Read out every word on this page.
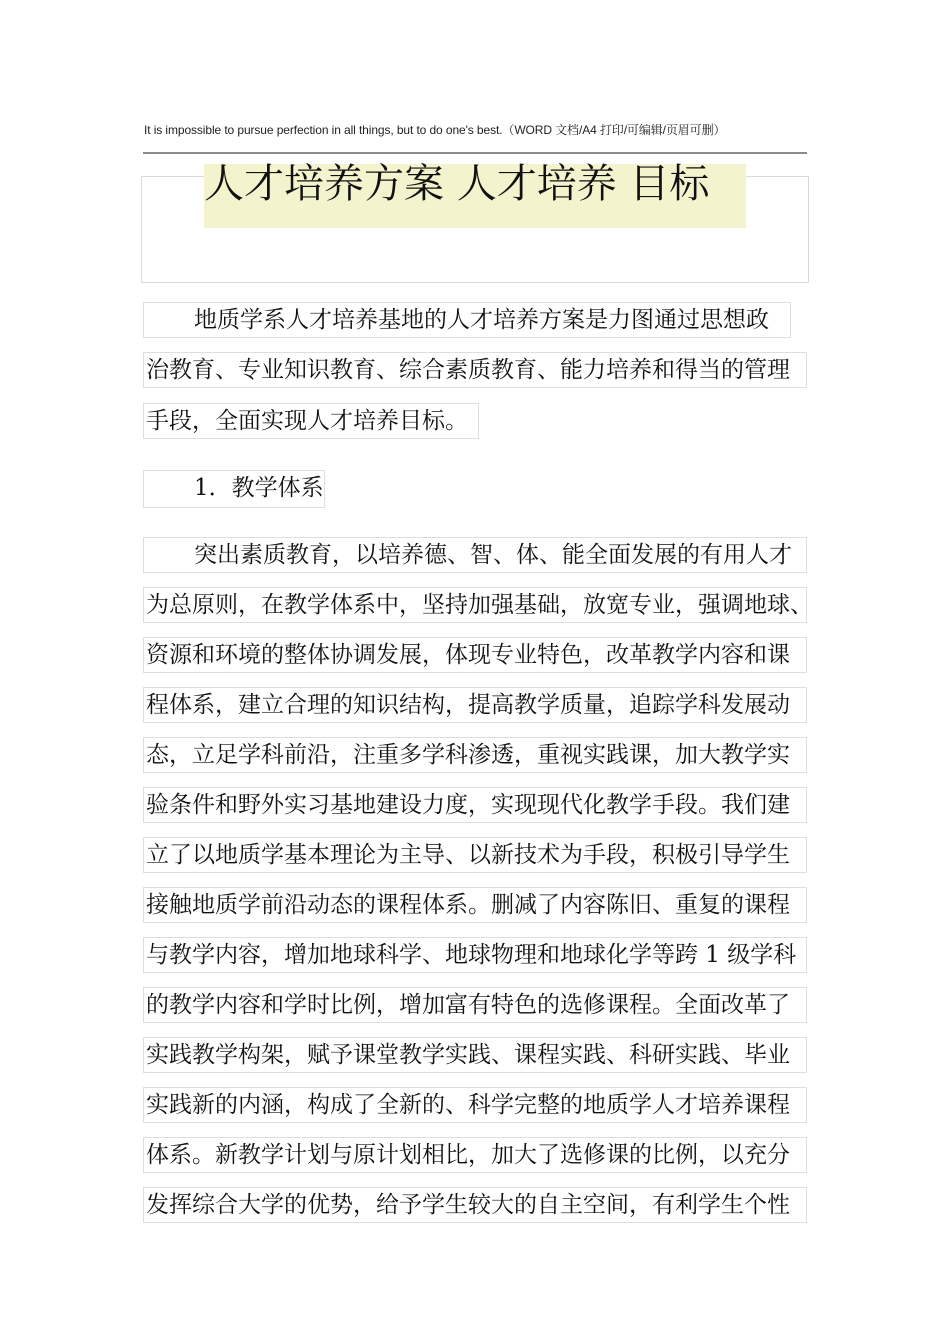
It is impossible to pursue perfection in all things, but to do one's best.（WORD 文档/A4 打印/可编辑/页眉可删）
人才培养方案 人才培养 目标
地质学系人才培养基地的人才培养方案是力图通过思想政
治教育、专业知识教育、综合素质教育、能力培养和得当的管理
手段，全面实现人才培养目标。
1．教学体系
突出素质教育，以培养德、智、体、能全面发展的有用人才
为总原则，在教学体系中，坚持加强基础，放宽专业，强调地球、
资源和环境的整体协调发展，体现专业特色，改革教学内容和课
程体系，建立合理的知识结构，提高教学质量，追踪学科发展动
态，立足学科前沿，注重多学科渗透，重视实践课，加大教学实
验条件和野外实习基地建设力度，实现现代化教学手段。我们建
立了以地质学基本理论为主导、以新技术为手段，积极引导学生
接触地质学前沿动态的课程体系。删减了内容陈旧、重复的课程
与教学内容，增加地球科学、地球物理和地球化学等跨 1 级学科
的教学内容和学时比例，增加富有特色的选修课程。全面改革了
实践教学构架，赋予课堂教学实践、课程实践、科研实践、毕业
实践新的内涵，构成了全新的、科学完整的地质学人才培养课程
体系。新教学计划与原计划相比，加大了选修课的比例，以充分
发挥综合大学的优势，给予学生较大的自主空间，有利学生个性
